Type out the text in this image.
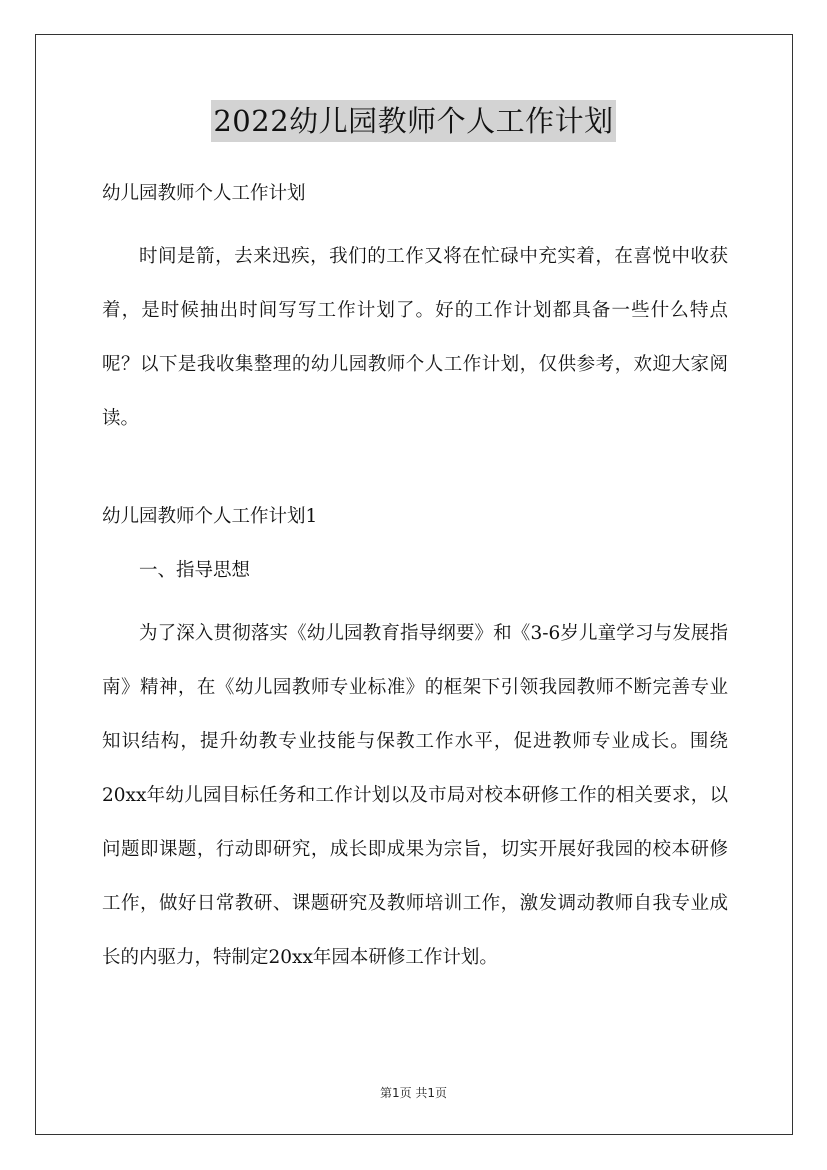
2022幼儿园教师个人工作计划

幼儿园教师个人工作计划

时间是箭，去来迅疾，我们的工作又将在忙碌中充实着，在喜悦中收获着，是时候抽出时间写写工作计划了。好的工作计划都具备一些什么特点呢？以下是我收集整理的幼儿园教师个人工作计划，仅供参考，欢迎大家阅读。

幼儿园教师个人工作计划1

一、指导思想

为了深入贯彻落实《幼儿园教育指导纲要》和《3-6岁儿童学习与发展指南》精神，在《幼儿园教师专业标准》的框架下引领我园教师不断完善专业知识结构，提升幼教专业技能与保教工作水平，促进教师专业成长。围绕20xx年幼儿园目标任务和工作计划以及市局对校本研修工作的相关要求，以问题即课题，行动即研究，成长即成果为宗旨，切实开展好我园的校本研修工作，做好日常教研、课题研究及教师培训工作，激发调动教师自我专业成长的内驱力，特制定20xx年园本研修工作计划。

第1页 共1页
